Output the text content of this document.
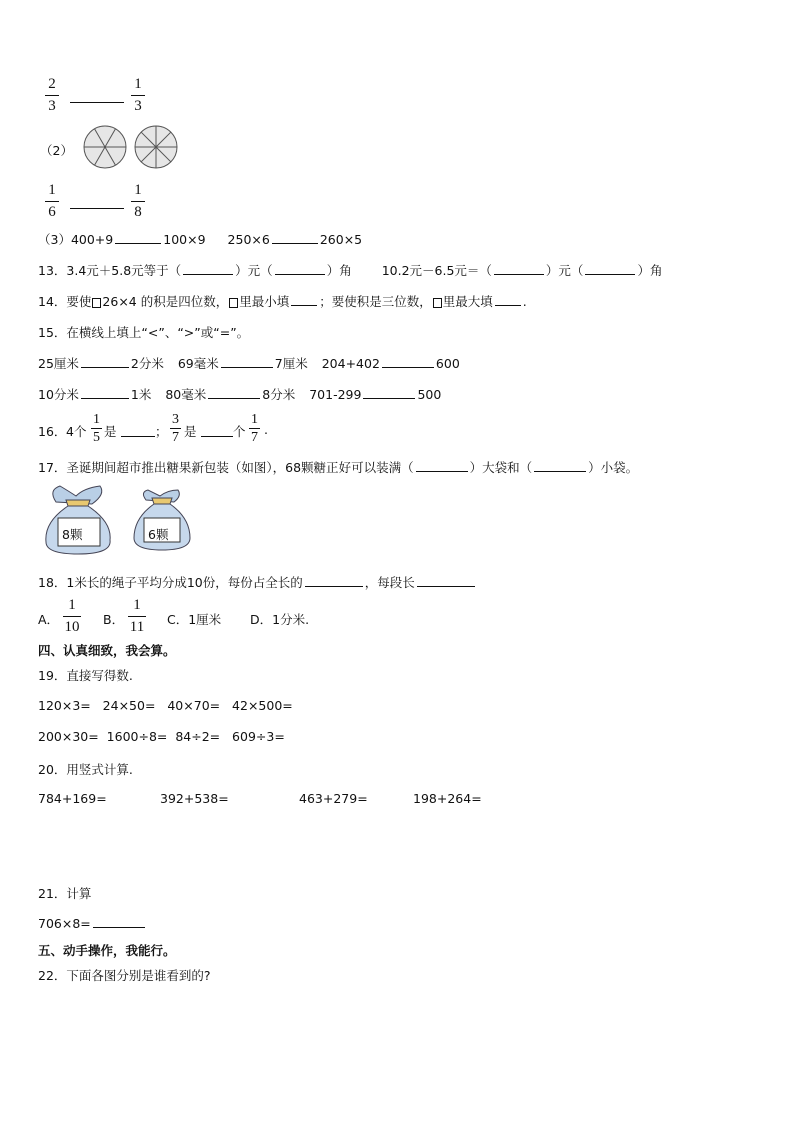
2
3
1
3
（2）
1
6
1
8
（3）400+9	100×9 250×6	260×5
13．3.4元＋5.8元等于（	）元（	）角 10.2元－6.5元＝（	）元（	）角
14．要使 26×4 的积是四位数， 里最小填 ；要使积是三位数， 里最大填 .
15．在横线上填上“<”、“>”或“=”。
25厘米	2分米 69毫米	7厘米 204+402	600
10分米	1米 80毫米	8分米 701-299	500
16． 4个
1
5 是	；
3
7 是	个
1
7
.
17．圣诞期间超市推出糖果新包装（如图），68颗糖正好可以装满（	）大袋和（	）小袋。
8颗	6颗
18．1米长的绳子平均分成10份，每份占全长的	，每段长
A．
1
10 B．
1
11 C．1厘米 D．1分米.
四、认真细致，我会算。
19．直接写得数.
120×3=   24×50=   40×70=   42×500=
200×30=  1600÷8=  84÷2=   609÷3=
20．用竖式计算.
784+169=	392+538=	463+279=	198+264=
21．计算
706×8=
五、动手操作，我能行。
22．下面各图分别是谁看到的?
